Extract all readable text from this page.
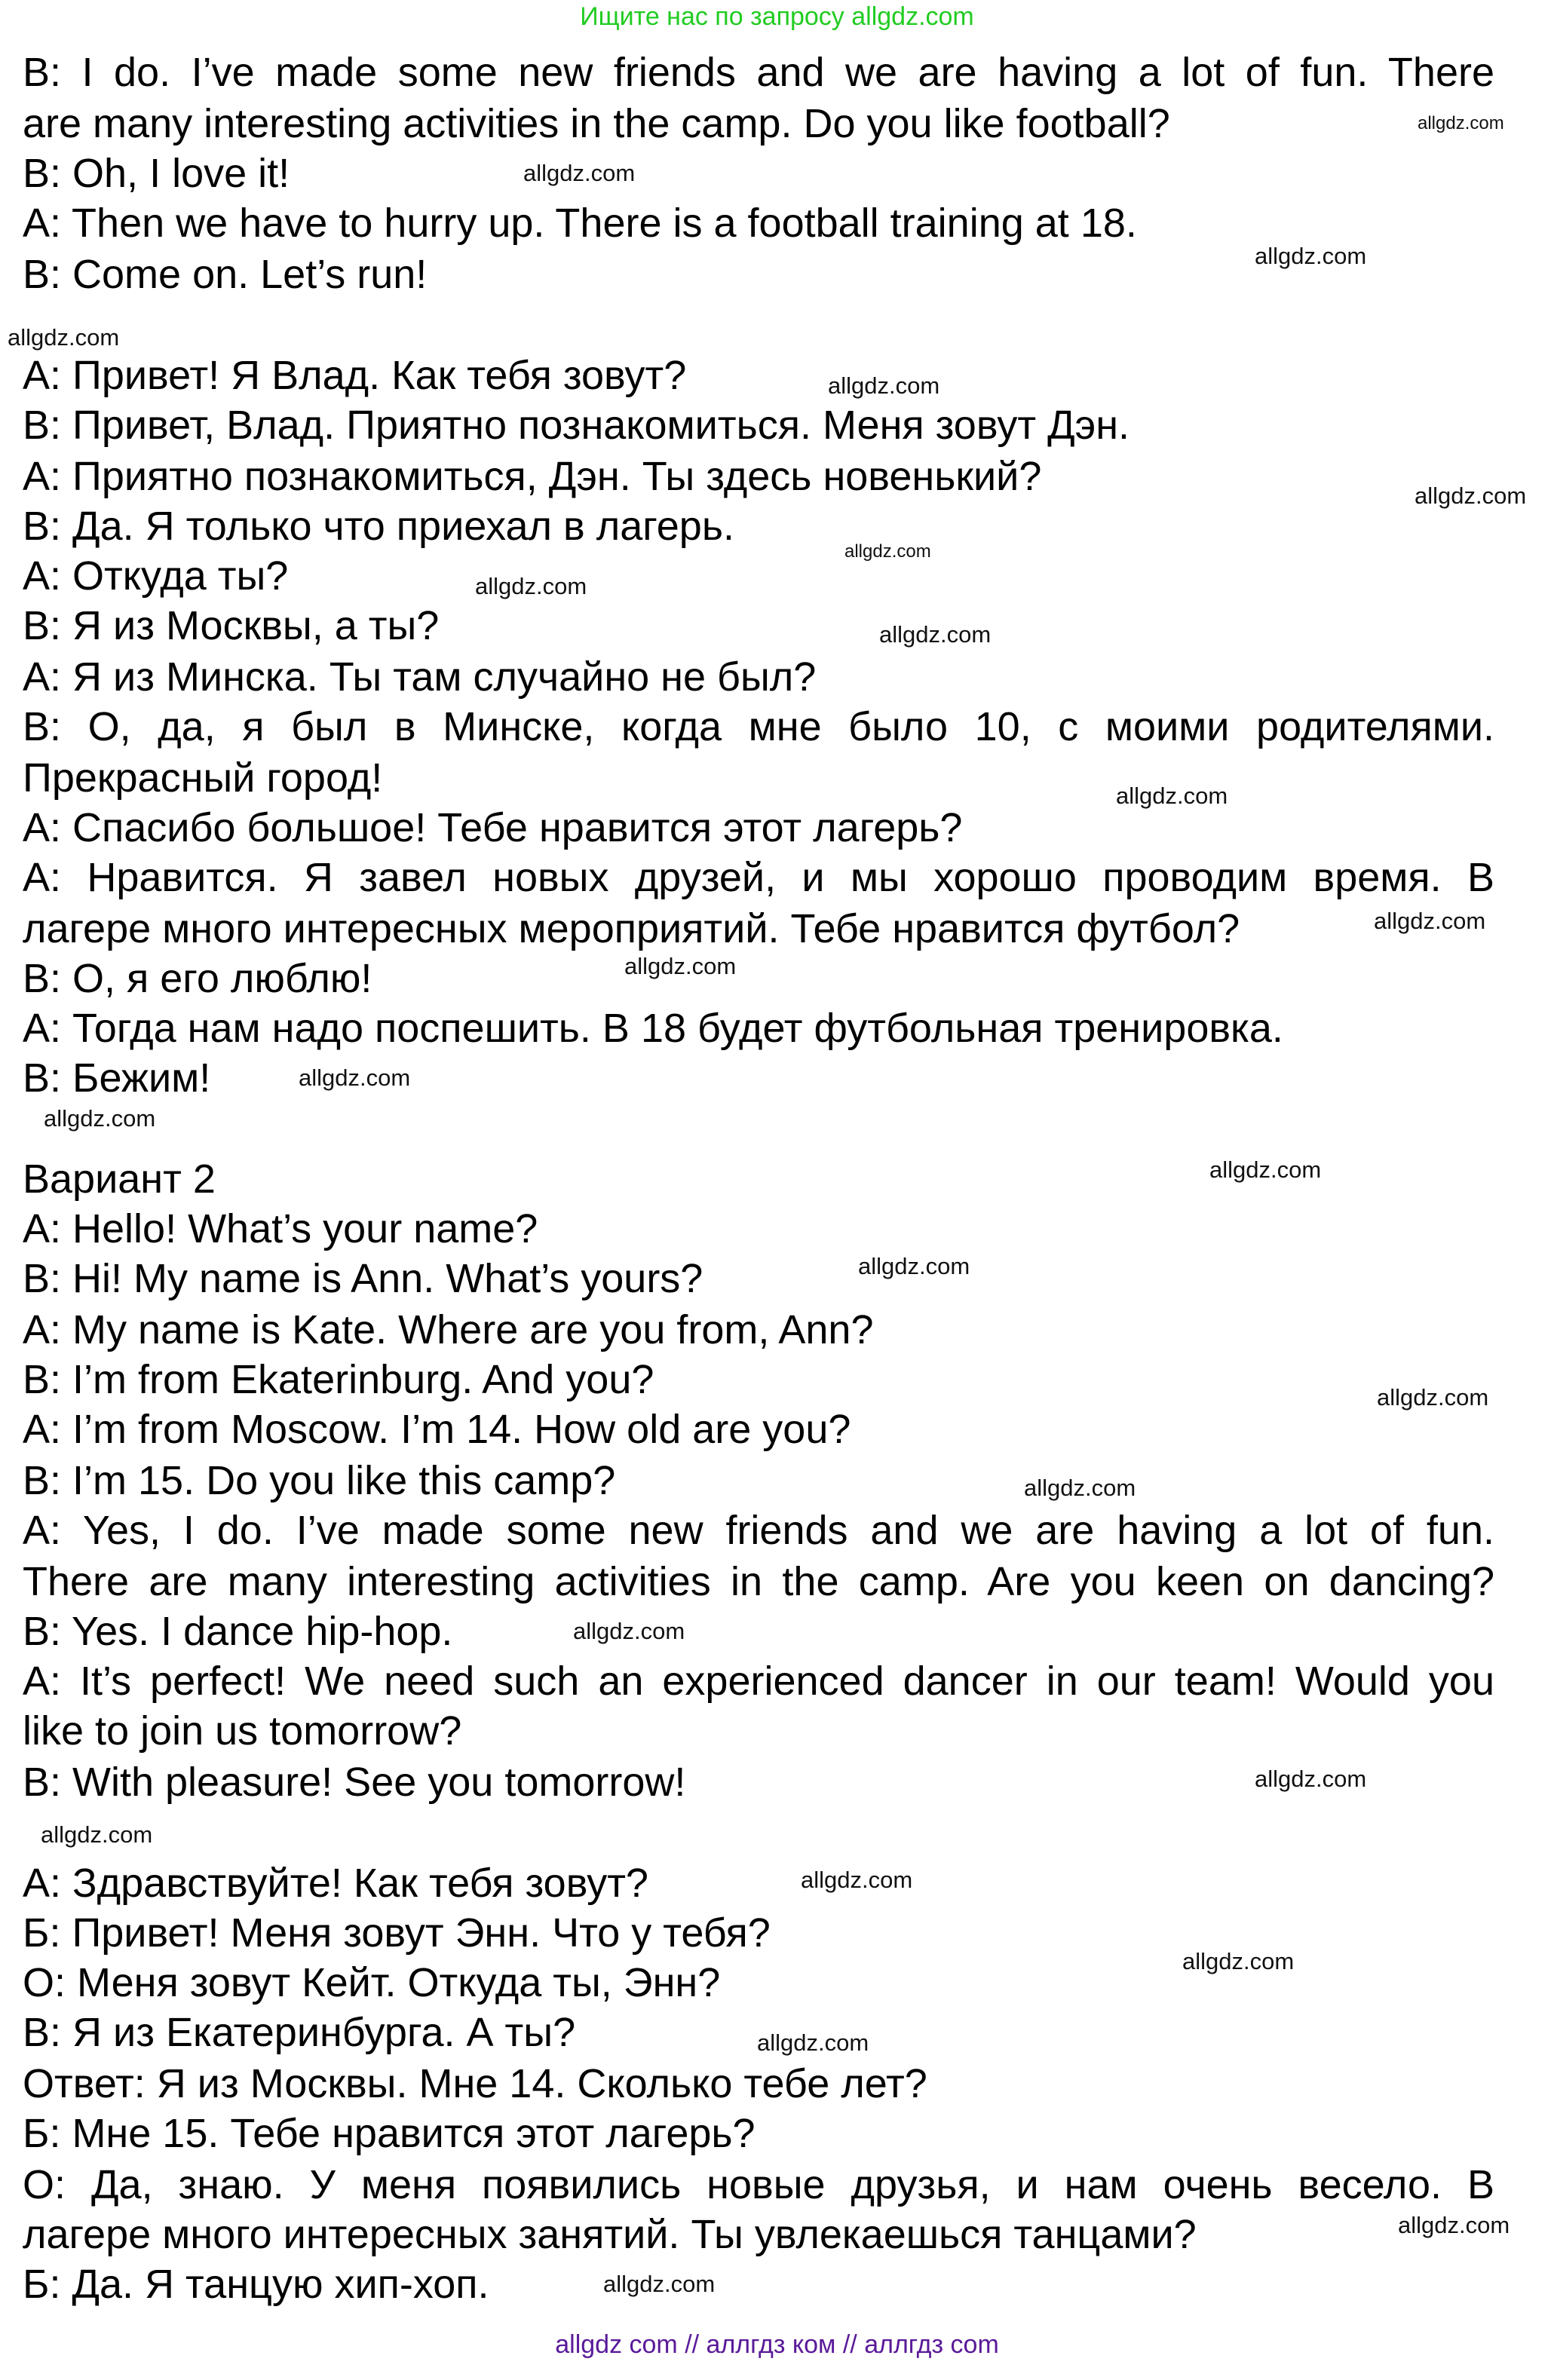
Ищите нас по запросу allgdz.com
B: I do. I’ve made some new friends and we are having a lot of fun. There
are many interesting activities in the camp. Do you like football?
B: Oh, I love it!
A: Then we have to hurry up. There is a football training at 18.
B: Come on. Let’s run!
А: Привет! Я Влад. Как тебя зовут?
В: Привет, Влад. Приятно познакомиться. Меня зовут Дэн.
А: Приятно познакомиться, Дэн. Ты здесь новенький?
В: Да. Я только что приехал в лагерь.
А: Откуда ты?
В: Я из Москвы, а ты?
А: Я из Минска. Ты там случайно не был?
В: О, да, я был в Минске, когда мне было 10, с моими родителями.
Прекрасный город!
А: Спасибо большое! Тебе нравится этот лагерь?
А: Нравится. Я завел новых друзей, и мы хорошо проводим время. В
лагере много интересных мероприятий. Тебе нравится футбол?
В: О, я его люблю!
А: Тогда нам надо поспешить. В 18 будет футбольная тренировка.
В: Бежим!
Вариант 2
A: Hello! What’s your name?
B: Hi! My name is Ann. What’s yours?
A: My name is Kate. Where are you from, Ann?
B: I’m from Ekaterinburg. And you?
A: I’m from Moscow. I’m 14. How old are you?
B: I’m 15. Do you like this camp?
A: Yes, I do. I’ve made some new friends and we are having a lot of fun.
There are many interesting activities in the camp. Are you keen on dancing?
B: Yes. I dance hip-hop.
A: It’s perfect! We need such an experienced dancer in our team! Would you
like to join us tomorrow?
B: With pleasure! See you tomorrow!
А: Здравствуйте! Как тебя зовут?
Б: Привет! Меня зовут Энн. Что у тебя?
О: Меня зовут Кейт. Откуда ты, Энн?
В: Я из Екатеринбурга. А ты?
Ответ: Я из Москвы. Мне 14. Сколько тебе лет?
Б: Мне 15. Тебе нравится этот лагерь?
О: Да, знаю. У меня появились новые друзья, и нам очень весело. В
лагере много интересных занятий. Ты увлекаешься танцами?
Б: Да. Я танцую хип-хоп.
allgdz.com
allgdz.com
allgdz.com
allgdz.com
allgdz.com
allgdz.com
allgdz.com
allgdz.com
allgdz.com
allgdz.com
allgdz.com
allgdz.com
allgdz.com
allgdz.com
allgdz.com
allgdz.com
allgdz.com
allgdz.com
allgdz.com
allgdz.com
allgdz.com
allgdz.com
allgdz.com
allgdz.com
allgdz.com
allgdz.com
allgdz com // аллгдз ком // аллгдз com
